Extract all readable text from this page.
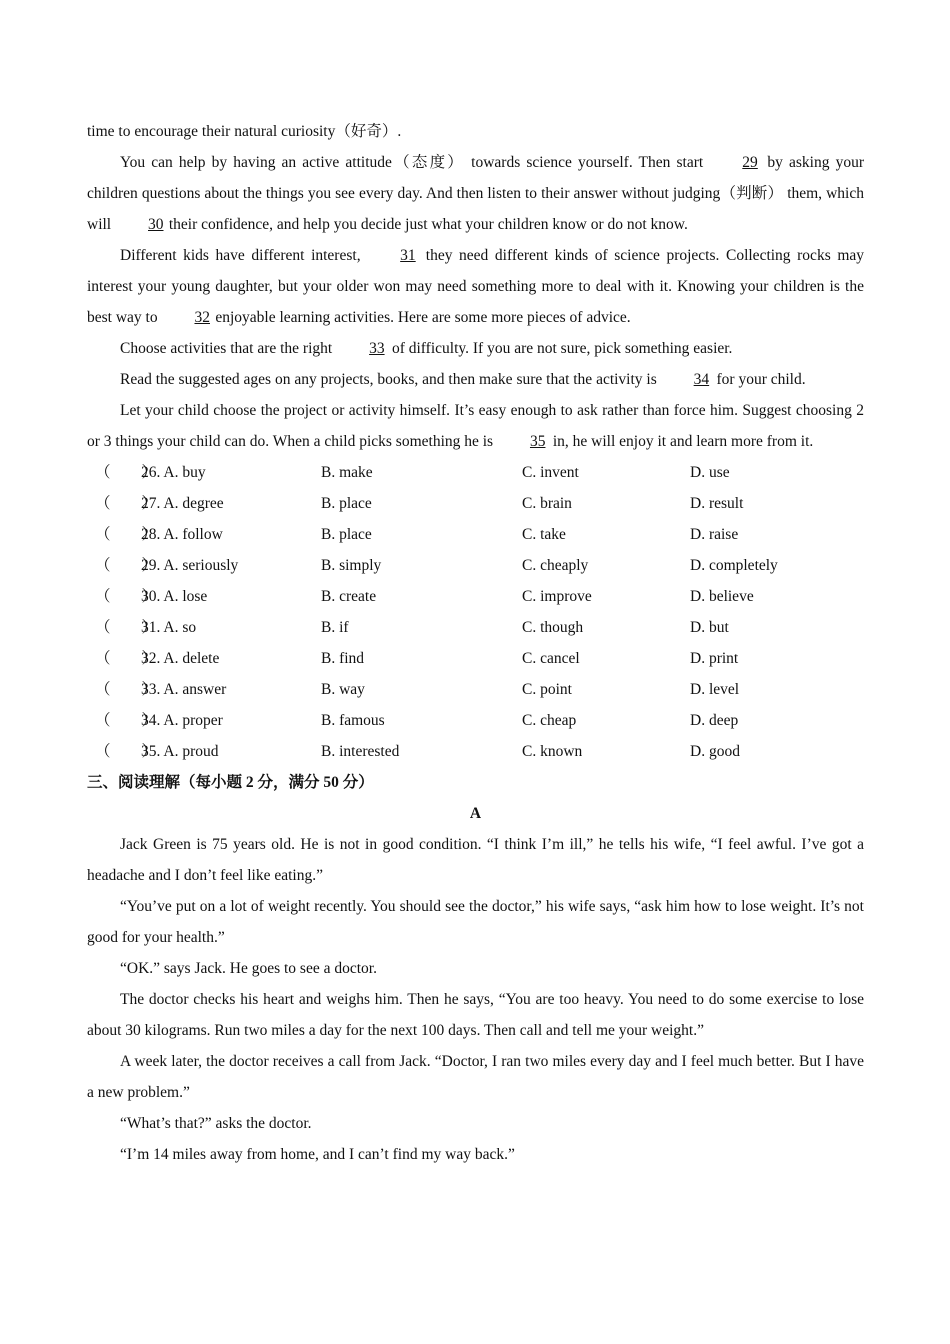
time to encourage their natural curiosity（好奇）.
You can help by having an active attitude（态度） towards science yourself. Then start	29 by asking your children questions about the things you see every day. And then listen to their answer without judging（判断） them, which will 30 their confidence, and help you decide just what your children know or do not know.
Different kids have different interest,	31 they need different kinds of science projects. Collecting rocks may interest your young daughter, but your older won may need something more to deal with it. Knowing your children is the best way to 32 enjoyable learning activities. Here are some more pieces of advice.
Choose activities that are the right 33 of difficulty. If you are not sure, pick something easier.
Read the suggested ages on any projects, books, and then make sure that the activity is 34 for your child.
Let your child choose the project or activity himself. It’s easy enough to ask rather than force him. Suggest choosing 2 or 3 things your child can do. When a child picks something he is 35 in, he will enjoy it and learn more from it.
（　　）
26. A. buy	B. make	C. invent	D. use
（　　）
27. A. degree	B. place	C. brain	D. result
（　　）
28. A. follow	B. place	C. take	D. raise
（　　）
29. A. seriously	B. simply	C. cheaply	D. completely
（　　）
30. A. lose	B. create	C. improve	D. believe
（　　）
31. A. so	B. if	C. though	D. but
（　　）
32. A. delete	B. find	C. cancel	D. print
（　　）
33. A. answer	B. way	C. point	D. level
（　　）
34. A. proper	B. famous	C. cheap	D. deep
（　　）
35. A. proud	B. interested	C. known	D. good
三、阅读理解（每小题 2 分，满分 50 分）
A
Jack Green is 75 years old. He is not in good condition. “I think I’m ill,” he tells his wife, “I feel awful. I’ve got a headache and I don’t feel like eating.”
“You’ve put on a lot of weight recently. You should see the doctor,” his wife says, “ask him how to lose weight. It’s not good for your health.”
“OK.” says Jack. He goes to see a doctor.
The doctor checks his heart and weighs him. Then he says, “You are too heavy. You need to do some exercise to lose about 30 kilograms. Run two miles a day for the next 100 days. Then call and tell me your weight.”
A week later, the doctor receives a call from Jack. “Doctor, I ran two miles every day and I feel much better. But I have a new problem.”
“What’s that?” asks the doctor.
“I’m 14 miles away from home, and I can’t find my way back.”
